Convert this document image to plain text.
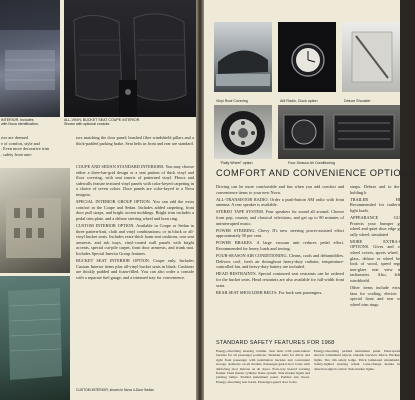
INTERIOR. Includes
with Nova identification.
ALL-VINYL BUCKET SEAT COUPE INTERIOR.
Shown with optional console.
rior are deemed
e of comfort, style and
. Even more decorative trim
, safety front arm-
tors matching the door panel; brushed fiber windshield pillars and a thick-padded parking brake. Seat belts in front and rear are standard.

COUPE AND SEDAN STANDARD INTERIORS. You may choose either a three-bar-grid design or a seat pattern of thick vinyl and floor covering, with seat inserts of patterned vinyl. Floors and sidewalls feature textured vinyl panels with color-keyed carpeting in a choice of seven colors. Door panels are color-keyed to a Nova insignia.

SPECIAL INTERIOR GROUP OPTION. You can add the extra comfort in the Coupe and Sedan. Includes added carpeting, front door pull straps, and bright accent moldings. Bright trim includes a pedal trim plate, and a deluxe steering wheel and horn ring.

CUSTOM INTERIOR OPTION. Available in Coupe or Sedan in three pattern-knit, cloth and vinyl combinations; or in black or all-vinyl bucket seats. Includes extra-thick foam seat cushions, rear seat armrests, and ash trays, vinyl-coated wall panels with bright accents, special cut-pile carpet, front door armrests, and trunk mat. Includes Special Interior Group features.

BUCKET SEAT INTERIOR OPTION. Coupe only. Includes Custom Interior items plus all-vinyl bucket seats in black. Cushions are thickly padded and foam-filled. You can also order a console with a separate fuel gauge, and a trimmed tray for convenience.

CUSTOM INTERIOR, shown in Nova 4-Door Sedan
Vinyl Roof Covering	AM Radio, Clock option	Deluxe Shoulder
"Rally Wheel" option	Four-Season Air Conditioning
COMFORT AND CONVENIENCE OPTIONS

Driving can be more comfortable and fun when you add comfort and convenience items to your new Nova.

ALL-TRANSISTOR RADIO. Order a push-button AM radio with front antenna. A rear speaker is available.

STEREO TAPE SYSTEM. Four speakers for sound all around. Choose from pop, country and classical selections, and get up to 80 minutes of uninterrupted music.

POWER STEERING. Chevy II's new steering power-assisted effort approximately 50 per cent.

POWER BRAKES. A large vacuum unit reduces pedal effort. Recommended for heavy loads and towing.

FOUR-SEASON AIR CONDITIONING. Cleans, cools and dehumidifies. Delivers cool, fresh air throughout heavy-duty radiator, temperature-controlled fan, and heavy-duty battery are included.

HEAD RESTRAINTS. Special contoured seat restraints can be ordered for the bucket seats. Head restraints are also available for full-width front seats.

REAR SEAT SHOULDER BELTS. For back seat passengers.

straps. Deluxe and to the belt-holding h

TRAILER HITCH. Recommended for trailering of light loads.

APPEARANCE GUARD. Protects your bumper guards, wheel and quiet door edge guards, rally wheel, simulated

MORE EXTRA-COST OPTIONS. Gives and custom wheel covers, sports wheel, tinted glass, deluxe or wheel belts, a look of wood, speed regulator, non-glare rear view mirror, tachometer. Also, left-hand windshield.

Other items include extra-duty fans for cooling, electric locks; special front and rear wheels, wheel trim rings.

STANDARD SAFETY FEATURES FOR 1968
Energy-absorbing steering column. Seat belts with push-button buckles for all passenger positions. Shoulder belts for driver and right front passenger with pushbutton buckles and convenient storage. Armrests on all models. Passenger-guard door locks with deflecting door buttons on all doors. Four-way hazard warning flasher. Dual master cylinder brake system. Side marker lights and parking lamps. Padded instrument panel. Padded sun visors. Energy-absorbing seat backs. Passenger-guard door locks.
Energy-absorbing padded instrument panel. Dual-speed electric windshield wipers. Outside rearview mirror. Backup lights. Tire rim safety ledge. Thick laminated windshield. Safety-lighted steering wheel. Lane-change feature in direction signal control. Side marker lights.
